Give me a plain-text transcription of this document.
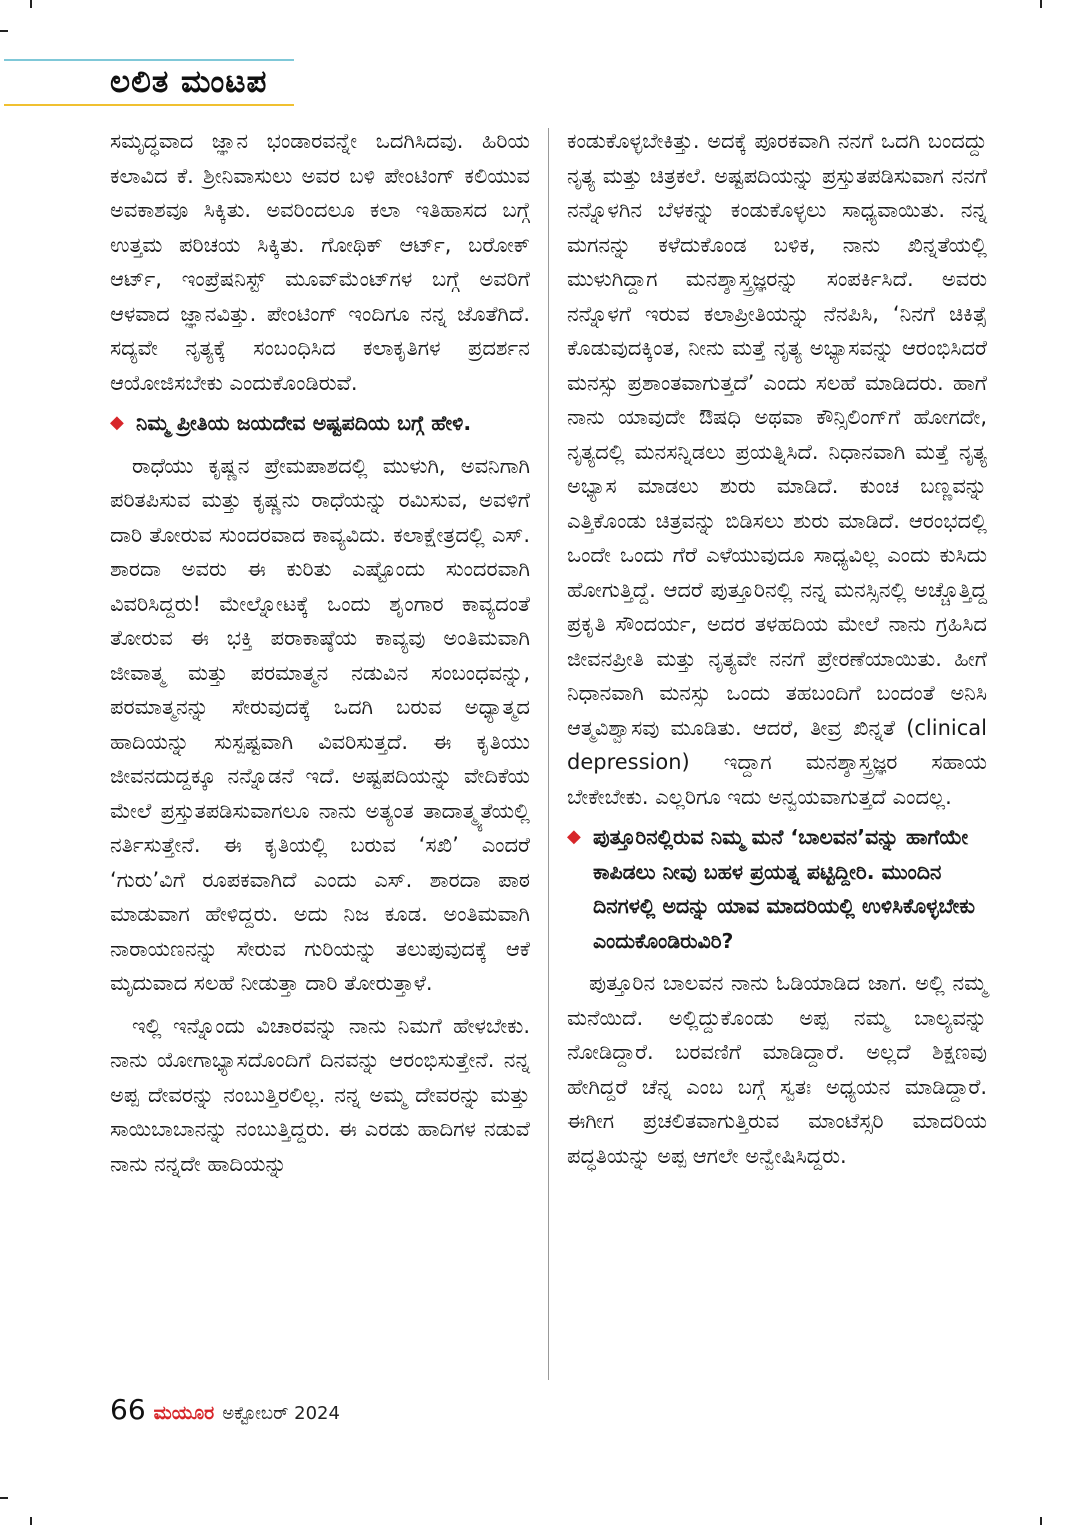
ಲಲಿತ ಮಂಟಪ

ಸಮೃದ್ಧವಾದ ಜ್ಞಾನ ಭಂಡಾರವನ್ನೇ ಒದಗಿಸಿದವು. ಹಿರಿಯ ಕಲಾವಿದ ಕೆ. ಶ್ರೀನಿವಾಸುಲು ಅವರ ಬಳಿ ಪೇಂಟಿಂಗ್ ಕಲಿಯುವ ಅವಕಾಶವೂ ಸಿಕ್ಕಿತು. ಅವರಿಂದಲೂ ಕಲಾ ಇತಿಹಾಸದ ಬಗ್ಗೆ ಉತ್ತಮ ಪರಿಚಯ ಸಿಕ್ಕಿತು. ಗೋಥಿಕ್ ಆರ್ಟ್, ಬರೋಕ್ ಆರ್ಟ್, ಇಂಪ್ರೆಷನಿಸ್ಟ್ ಮೂವ್‌ಮೆಂಟ್‌ಗಳ ಬಗ್ಗೆ ಅವರಿಗೆ ಆಳವಾದ ಜ್ಞಾನವಿತ್ತು. ಪೇಂಟಿಂಗ್ ಇಂದಿಗೂ ನನ್ನ ಜೊತೆಗಿದೆ. ಸದ್ಯವೇ ನೃತ್ಯಕ್ಕೆ ಸಂಬಂಧಿಸಿದ ಕಲಾಕೃತಿಗಳ ಪ್ರದರ್ಶನ ಆಯೋಜಿಸಬೇಕು ಎಂದುಕೊಂಡಿರುವೆ.

◆ ನಿಮ್ಮ ಪ್ರೀತಿಯ ಜಯದೇವ ಅಷ್ಟಪದಿಯ ಬಗ್ಗೆ ಹೇಳಿ.

ರಾಧೆಯು ಕೃಷ್ಣನ ಪ್ರೇಮಪಾಶದಲ್ಲಿ ಮುಳುಗಿ, ಅವನಿಗಾಗಿ ಪರಿತಪಿಸುವ ಮತ್ತು ಕೃಷ್ಣನು ರಾಧೆಯನ್ನು ರಮಿಸುವ, ಅವಳಿಗೆ ದಾರಿ ತೋರುವ ಸುಂದರವಾದ ಕಾವ್ಯವಿದು. ಕಲಾಕ್ಷೇತ್ರದಲ್ಲಿ ಎಸ್. ಶಾರದಾ ಅವರು ಈ ಕುರಿತು ಎಷ್ಟೊಂದು ಸುಂದರವಾಗಿ ವಿವರಿಸಿದ್ದರು! ಮೇಲ್ನೋಟಕ್ಕೆ ಒಂದು ಶೃಂಗಾರ ಕಾವ್ಯದಂತೆ ತೋರುವ ಈ ಭಕ್ತಿ ಪರಾಕಾಷ್ಠೆಯ ಕಾವ್ಯವು ಅಂತಿಮವಾಗಿ ಜೀವಾತ್ಮ ಮತ್ತು ಪರಮಾತ್ಮನ ನಡುವಿನ ಸಂಬಂಧವನ್ನು, ಪರಮಾತ್ಮನನ್ನು ಸೇರುವುದಕ್ಕೆ ಒದಗಿ ಬರುವ ಅಧ್ಯಾತ್ಮದ ಹಾದಿಯನ್ನು ಸುಸ್ಪಷ್ಟವಾಗಿ ವಿವರಿಸುತ್ತದೆ. ಈ ಕೃತಿಯು ಜೀವನದುದ್ದಕ್ಕೂ ನನ್ನೊಡನೆ ಇದೆ. ಅಷ್ಟಪದಿಯನ್ನು ವೇದಿಕೆಯ ಮೇಲೆ ಪ್ರಸ್ತುತಪಡಿಸುವಾಗಲೂ ನಾನು ಅತ್ಯಂತ ತಾದಾತ್ಮ್ಯತೆಯಲ್ಲಿ ನರ್ತಿಸುತ್ತೇನೆ. ಈ ಕೃತಿಯಲ್ಲಿ ಬರುವ ‘ಸಖಿ’ ಎಂದರೆ ‘ಗುರು’ವಿಗೆ ರೂಪಕವಾಗಿದೆ ಎಂದು ಎಸ್. ಶಾರದಾ ಪಾಠ ಮಾಡುವಾಗ ಹೇಳಿದ್ದರು. ಅದು ನಿಜ ಕೂಡ. ಅಂತಿಮವಾಗಿ ನಾರಾಯಣನನ್ನು ಸೇರುವ ಗುರಿಯನ್ನು ತಲುಪುವುದಕ್ಕೆ ಆಕೆ ಮೃದುವಾದ ಸಲಹೆ ನೀಡುತ್ತಾ ದಾರಿ ತೋರುತ್ತಾಳೆ.

ಇಲ್ಲಿ ಇನ್ನೊಂದು ವಿಚಾರವನ್ನು ನಾನು ನಿಮಗೆ ಹೇಳಬೇಕು. ನಾನು ಯೋಗಾಭ್ಯಾಸದೊಂದಿಗೆ ದಿನವನ್ನು ಆರಂಭಿಸುತ್ತೇನೆ. ನನ್ನ ಅಪ್ಪ ದೇವರನ್ನು ನಂಬುತ್ತಿರಲಿಲ್ಲ. ನನ್ನ ಅಮ್ಮ ದೇವರನ್ನು ಮತ್ತು ಸಾಯಿಬಾಬಾನನ್ನು ನಂಬುತ್ತಿದ್ದರು. ಈ ಎರಡು ಹಾದಿಗಳ ನಡುವೆ ನಾನು ನನ್ನದೇ ಹಾದಿಯನ್ನು

ಕಂಡುಕೊಳ್ಳಬೇಕಿತ್ತು. ಅದಕ್ಕೆ ಪೂರಕವಾಗಿ ನನಗೆ ಒದಗಿ ಬಂದದ್ದು ನೃತ್ಯ ಮತ್ತು ಚಿತ್ರಕಲೆ. ಅಷ್ಟಪದಿಯನ್ನು ಪ್ರಸ್ತುತಪಡಿಸುವಾಗ ನನಗೆ ನನ್ನೊಳಗಿನ ಬೆಳಕನ್ನು ಕಂಡುಕೊಳ್ಳಲು ಸಾಧ್ಯವಾಯಿತು. ನನ್ನ ಮಗನನ್ನು ಕಳೆದುಕೊಂಡ ಬಳಿಕ, ನಾನು ಖಿನ್ನತೆಯಲ್ಲಿ ಮುಳುಗಿದ್ದಾಗ ಮನಶ್ಶಾಸ್ತ್ರಜ್ಞರನ್ನು ಸಂಪರ್ಕಿಸಿದೆ. ಅವರು ನನ್ನೊಳಗೆ ಇರುವ ಕಲಾಪ್ರೀತಿಯನ್ನು ನೆನಪಿಸಿ, ‘ನಿನಗೆ ಚಿಕಿತ್ಸೆ ಕೊಡುವುದಕ್ಕಿಂತ, ನೀನು ಮತ್ತೆ ನೃತ್ಯ ಅಭ್ಯಾಸವನ್ನು ಆರಂಭಿಸಿದರೆ ಮನಸ್ಸು ಪ್ರಶಾಂತವಾಗುತ್ತದೆ’ ಎಂದು ಸಲಹೆ ಮಾಡಿದರು. ಹಾಗೆ ನಾನು ಯಾವುದೇ ಔಷಧಿ ಅಥವಾ ಕೌನ್ಸಿಲಿಂಗ್‌ಗೆ ಹೋಗದೇ, ನೃತ್ಯದಲ್ಲಿ ಮನಸನ್ನಿಡಲು ಪ್ರಯತ್ನಿಸಿದೆ. ನಿಧಾನವಾಗಿ ಮತ್ತೆ ನೃತ್ಯ ಅಭ್ಯಾಸ ಮಾಡಲು ಶುರು ಮಾಡಿದೆ. ಕುಂಚ ಬಣ್ಣವನ್ನು ಎತ್ತಿಕೊಂಡು ಚಿತ್ರವನ್ನು ಬಿಡಿಸಲು ಶುರು ಮಾಡಿದೆ. ಆರಂಭದಲ್ಲಿ ಒಂದೇ ಒಂದು ಗೆರೆ ಎಳೆಯುವುದೂ ಸಾಧ್ಯವಿಲ್ಲ ಎಂದು ಕುಸಿದು ಹೋಗುತ್ತಿದ್ದೆ. ಆದರೆ ಪುತ್ತೂರಿನಲ್ಲಿ ನನ್ನ ಮನಸ್ಸಿನಲ್ಲಿ ಅಚ್ಚೊತ್ತಿದ್ದ ಪ್ರಕೃತಿ ಸೌಂದರ್ಯ, ಅದರ ತಳಹದಿಯ ಮೇಲೆ ನಾನು ಗ್ರಹಿಸಿದ ಜೀವನಪ್ರೀತಿ ಮತ್ತು ನೃತ್ಯವೇ ನನಗೆ ಪ್ರೇರಣೆಯಾಯಿತು. ಹೀಗೆ ನಿಧಾನವಾಗಿ ಮನಸ್ಸು ಒಂದು ತಹಬಂದಿಗೆ ಬಂದಂತೆ ಅನಿಸಿ ಆತ್ಮವಿಶ್ವಾಸವು ಮೂಡಿತು. ಆದರೆ, ತೀವ್ರ ಖಿನ್ನತೆ (clinical depression) ಇದ್ದಾಗ ಮನಶ್ಶಾಸ್ತ್ರಜ್ಞರ ಸಹಾಯ ಬೇಕೇಬೇಕು. ಎಲ್ಲರಿಗೂ ಇದು ಅನ್ವಯವಾಗುತ್ತದೆ ಎಂದಲ್ಲ.

◆ ಪುತ್ತೂರಿನಲ್ಲಿರುವ ನಿಮ್ಮ ಮನೆ ‘ಬಾಲವನ’ವನ್ನು ಹಾಗೆಯೇ ಕಾಪಿಡಲು ನೀವು ಬಹಳ ಪ್ರಯತ್ನ ಪಟ್ಟಿದ್ದೀರಿ. ಮುಂದಿನ ದಿನಗಳಲ್ಲಿ ಅದನ್ನು ಯಾವ ಮಾದರಿಯಲ್ಲಿ ಉಳಿಸಿಕೊಳ್ಳಬೇಕು ಎಂದುಕೊಂಡಿರುವಿರಿ?

ಪುತ್ತೂರಿನ ಬಾಲವನ ನಾನು ಓಡಿಯಾಡಿದ ಜಾಗ. ಅಲ್ಲಿ ನಮ್ಮ ಮನೆಯಿದೆ. ಅಲ್ಲಿದ್ದುಕೊಂಡು ಅಪ್ಪ ನಮ್ಮ ಬಾಲ್ಯವನ್ನು ನೋಡಿದ್ದಾರೆ. ಬರವಣಿಗೆ ಮಾಡಿದ್ದಾರೆ. ಅಲ್ಲದೆ ಶಿಕ್ಷಣವು ಹೇಗಿದ್ದರೆ ಚೆನ್ನ ಎಂಬ ಬಗ್ಗೆ ಸ್ವತಃ ಅಧ್ಯಯನ ಮಾಡಿದ್ದಾರೆ. ಈಗೀಗ ಪ್ರಚಲಿತವಾಗುತ್ತಿರುವ ಮಾಂಟೆಸ್ಸರಿ ಮಾದರಿಯ ಪದ್ಧತಿಯನ್ನು ಅಪ್ಪ ಆಗಲೇ ಅನ್ವೇಷಿಸಿದ್ದರು.

66 ಮಯೂರ ಅಕ್ಟೋಬರ್ 2024
